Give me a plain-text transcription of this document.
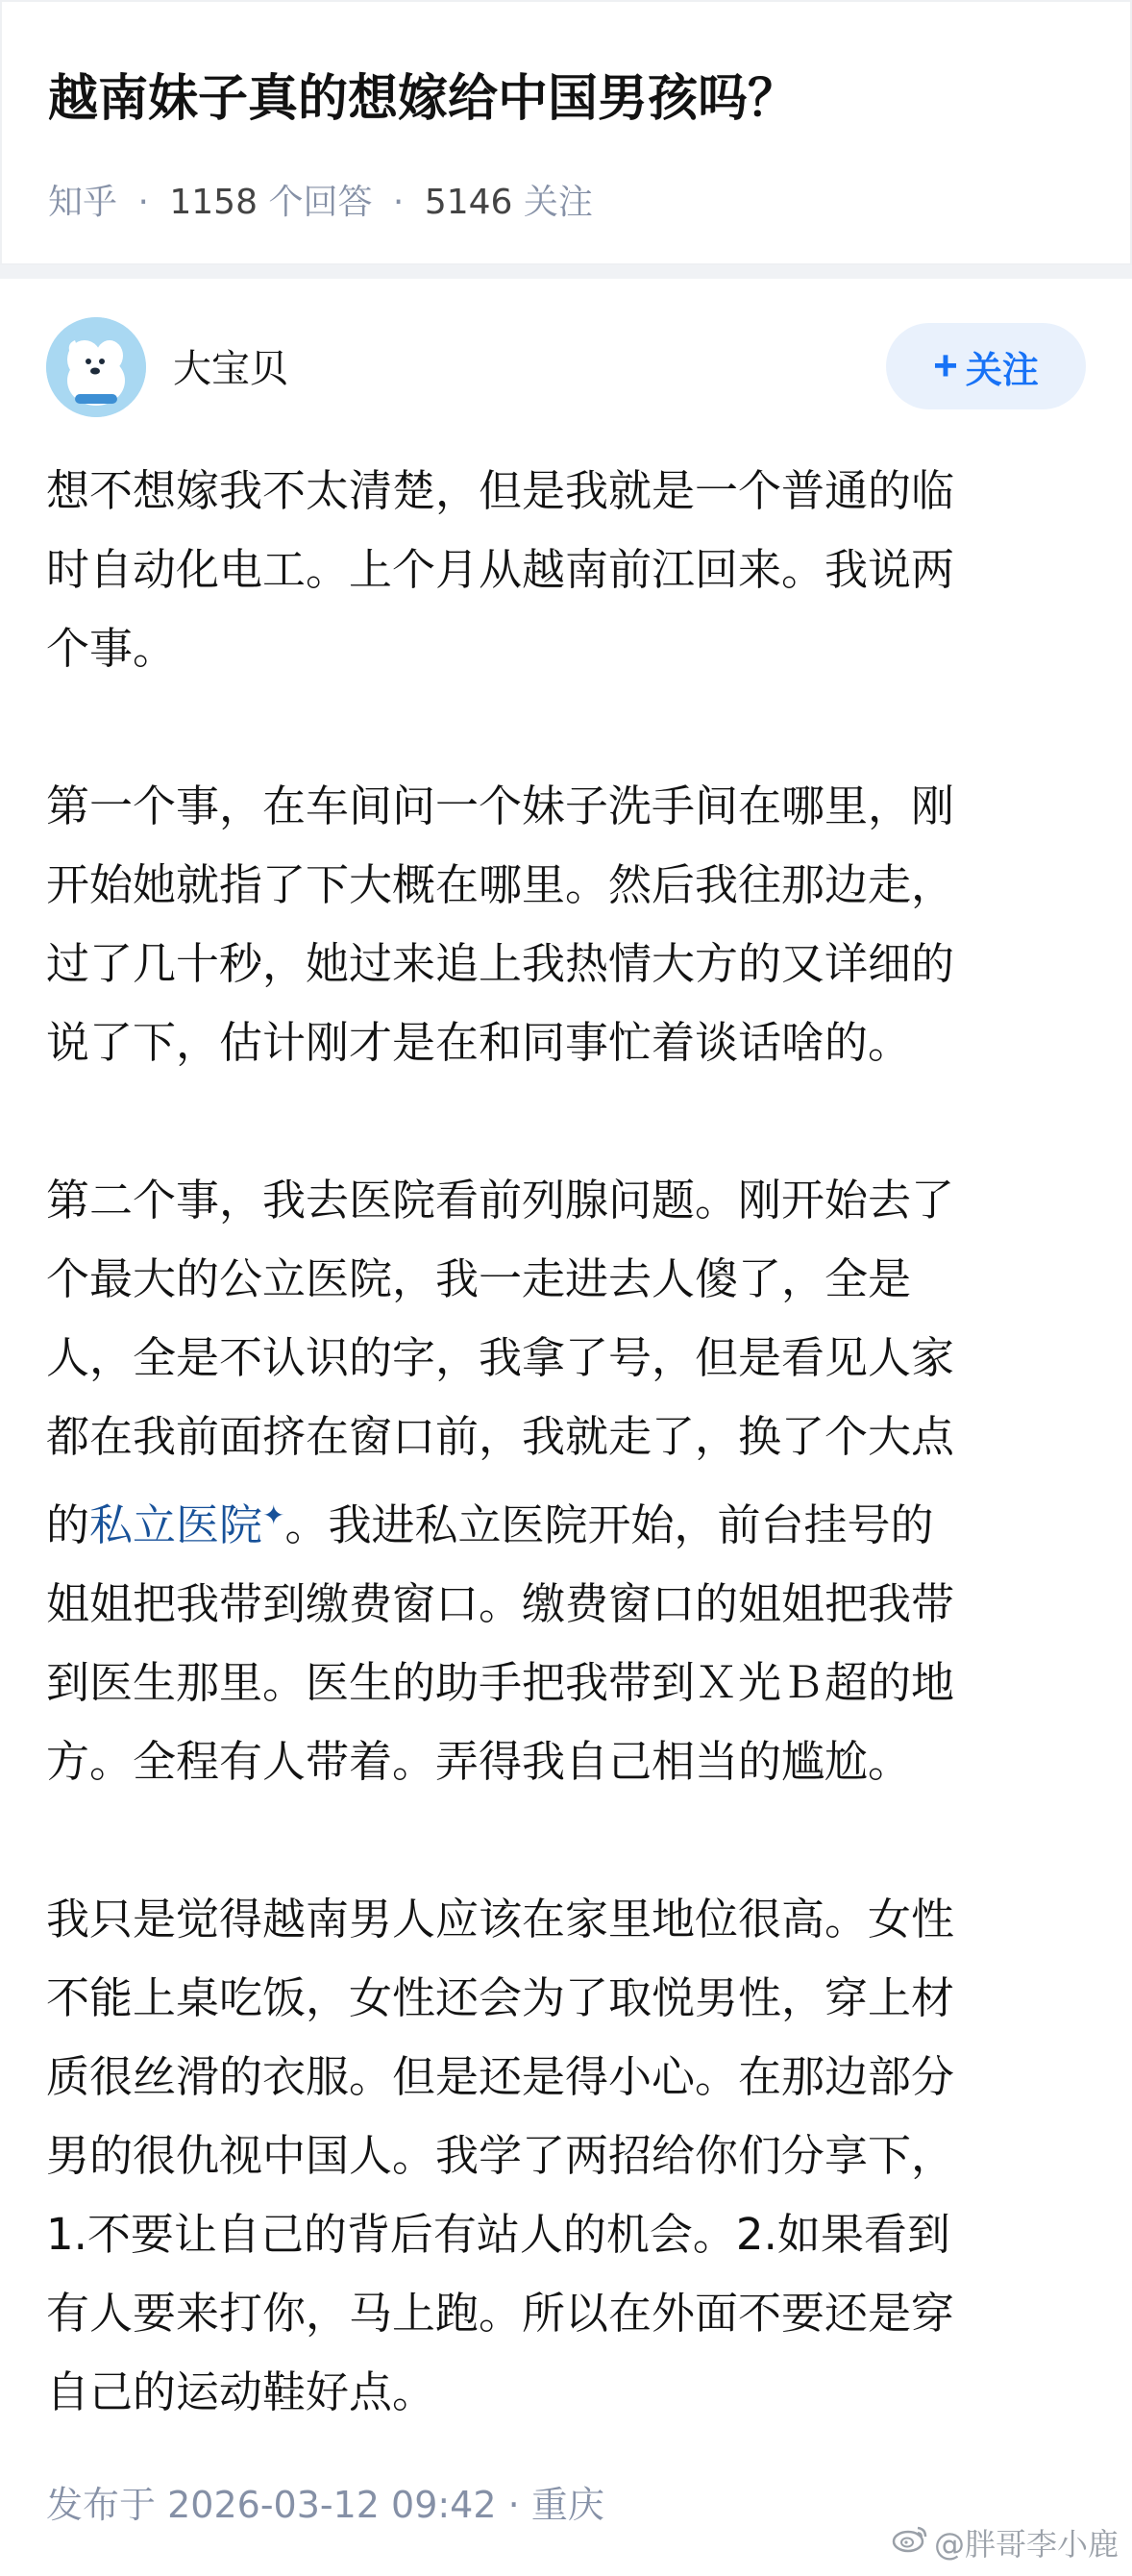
越南妹子真的想嫁给中国男孩吗？
知乎 · 1158 个回答 · 5146 关注
大宝贝	+ 关注

想不想嫁我不太清楚，但是我就是一个普通的临
时自动化电工。上个月从越南前江回来。我说两
个事。

第一个事，在车间问一个妹子洗手间在哪里，刚
开始她就指了下大概在哪里。然后我往那边走，
过了几十秒，她过来追上我热情大方的又详细的
说了下，估计刚才是在和同事忙着谈话啥的。

第二个事，我去医院看前列腺问题。刚开始去了
个最大的公立医院，我一走进去人傻了，全是
人，全是不认识的字，我拿了号，但是看见人家
都在我前面挤在窗口前，我就走了，换了个大点
的私立医院✦。我进私立医院开始，前台挂号的
姐姐把我带到缴费窗口。缴费窗口的姐姐把我带
到医生那里。医生的助手把我带到Ｘ光Ｂ超的地
方。全程有人带着。弄得我自己相当的尴尬。

我只是觉得越南男人应该在家里地位很高。女性
不能上桌吃饭，女性还会为了取悦男性，穿上材
质很丝滑的衣服。但是还是得小心。在那边部分
男的很仇视中国人。我学了两招给你们分享下，
1.不要让自己的背后有站人的机会。2.如果看到
有人要来打你，马上跑。所以在外面不要还是穿
自己的运动鞋好点。

发布于 2026-03-12 09:42 · 重庆
@胖哥李小鹿
